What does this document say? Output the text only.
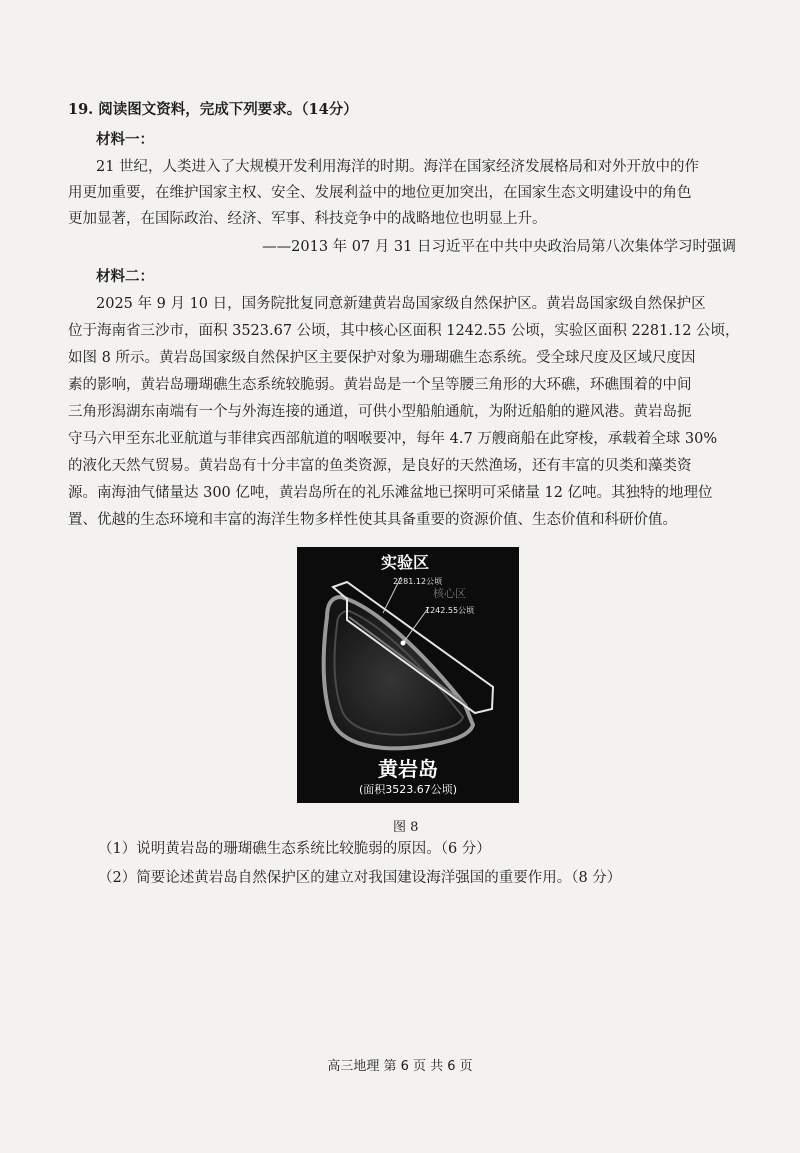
19. 阅读图文资料，完成下列要求。（14分）
材料一：
21 世纪，人类进入了大规模开发利用海洋的时期。海洋在国家经济发展格局和对外开放中的作
用更加重要，在维护国家主权、安全、发展利益中的地位更加突出，在国家生态文明建设中的角色
更加显著，在国际政治、经济、军事、科技竞争中的战略地位也明显上升。
——2013 年 07 月 31 日习近平在中共中央政治局第八次集体学习时强调
材料二：
2025 年 9 月 10 日，国务院批复同意新建黄岩岛国家级自然保护区。黄岩岛国家级自然保护区
位于海南省三沙市，面积 3523.67 公顷，其中核心区面积 1242.55 公顷，实验区面积 2281.12 公顷，
如图 8 所示。黄岩岛国家级自然保护区主要保护对象为珊瑚礁生态系统。受全球尺度及区域尺度因
素的影响，黄岩岛珊瑚礁生态系统较脆弱。黄岩岛是一个呈等腰三角形的大环礁，环礁围着的中间
三角形潟湖东南端有一个与外海连接的通道，可供小型船舶通航，为附近船舶的避风港。黄岩岛扼
守马六甲至东北亚航道与菲律宾西部航道的咽喉要冲，每年 4.7 万艘商船在此穿梭，承载着全球 30%
的液化天然气贸易。黄岩岛有十分丰富的鱼类资源，是良好的天然渔场，还有丰富的贝类和藻类资
源。南海油气储量达 300 亿吨，黄岩岛所在的礼乐滩盆地已探明可采储量 12 亿吨。其独特的地理位
置、优越的生态环境和丰富的海洋生物多样性使其具备重要的资源价值、生态价值和科研价值。
实验区
2281.12公顷
核心区
1242.55公顷
黄岩岛
(面积3523.67公顷)
图 8
（1）说明黄岩岛的珊瑚礁生态系统比较脆弱的原因。（6 分）
（2）简要论述黄岩岛自然保护区的建立对我国建设海洋强国的重要作用。（8 分）
高三地理 第 6 页 共 6 页
